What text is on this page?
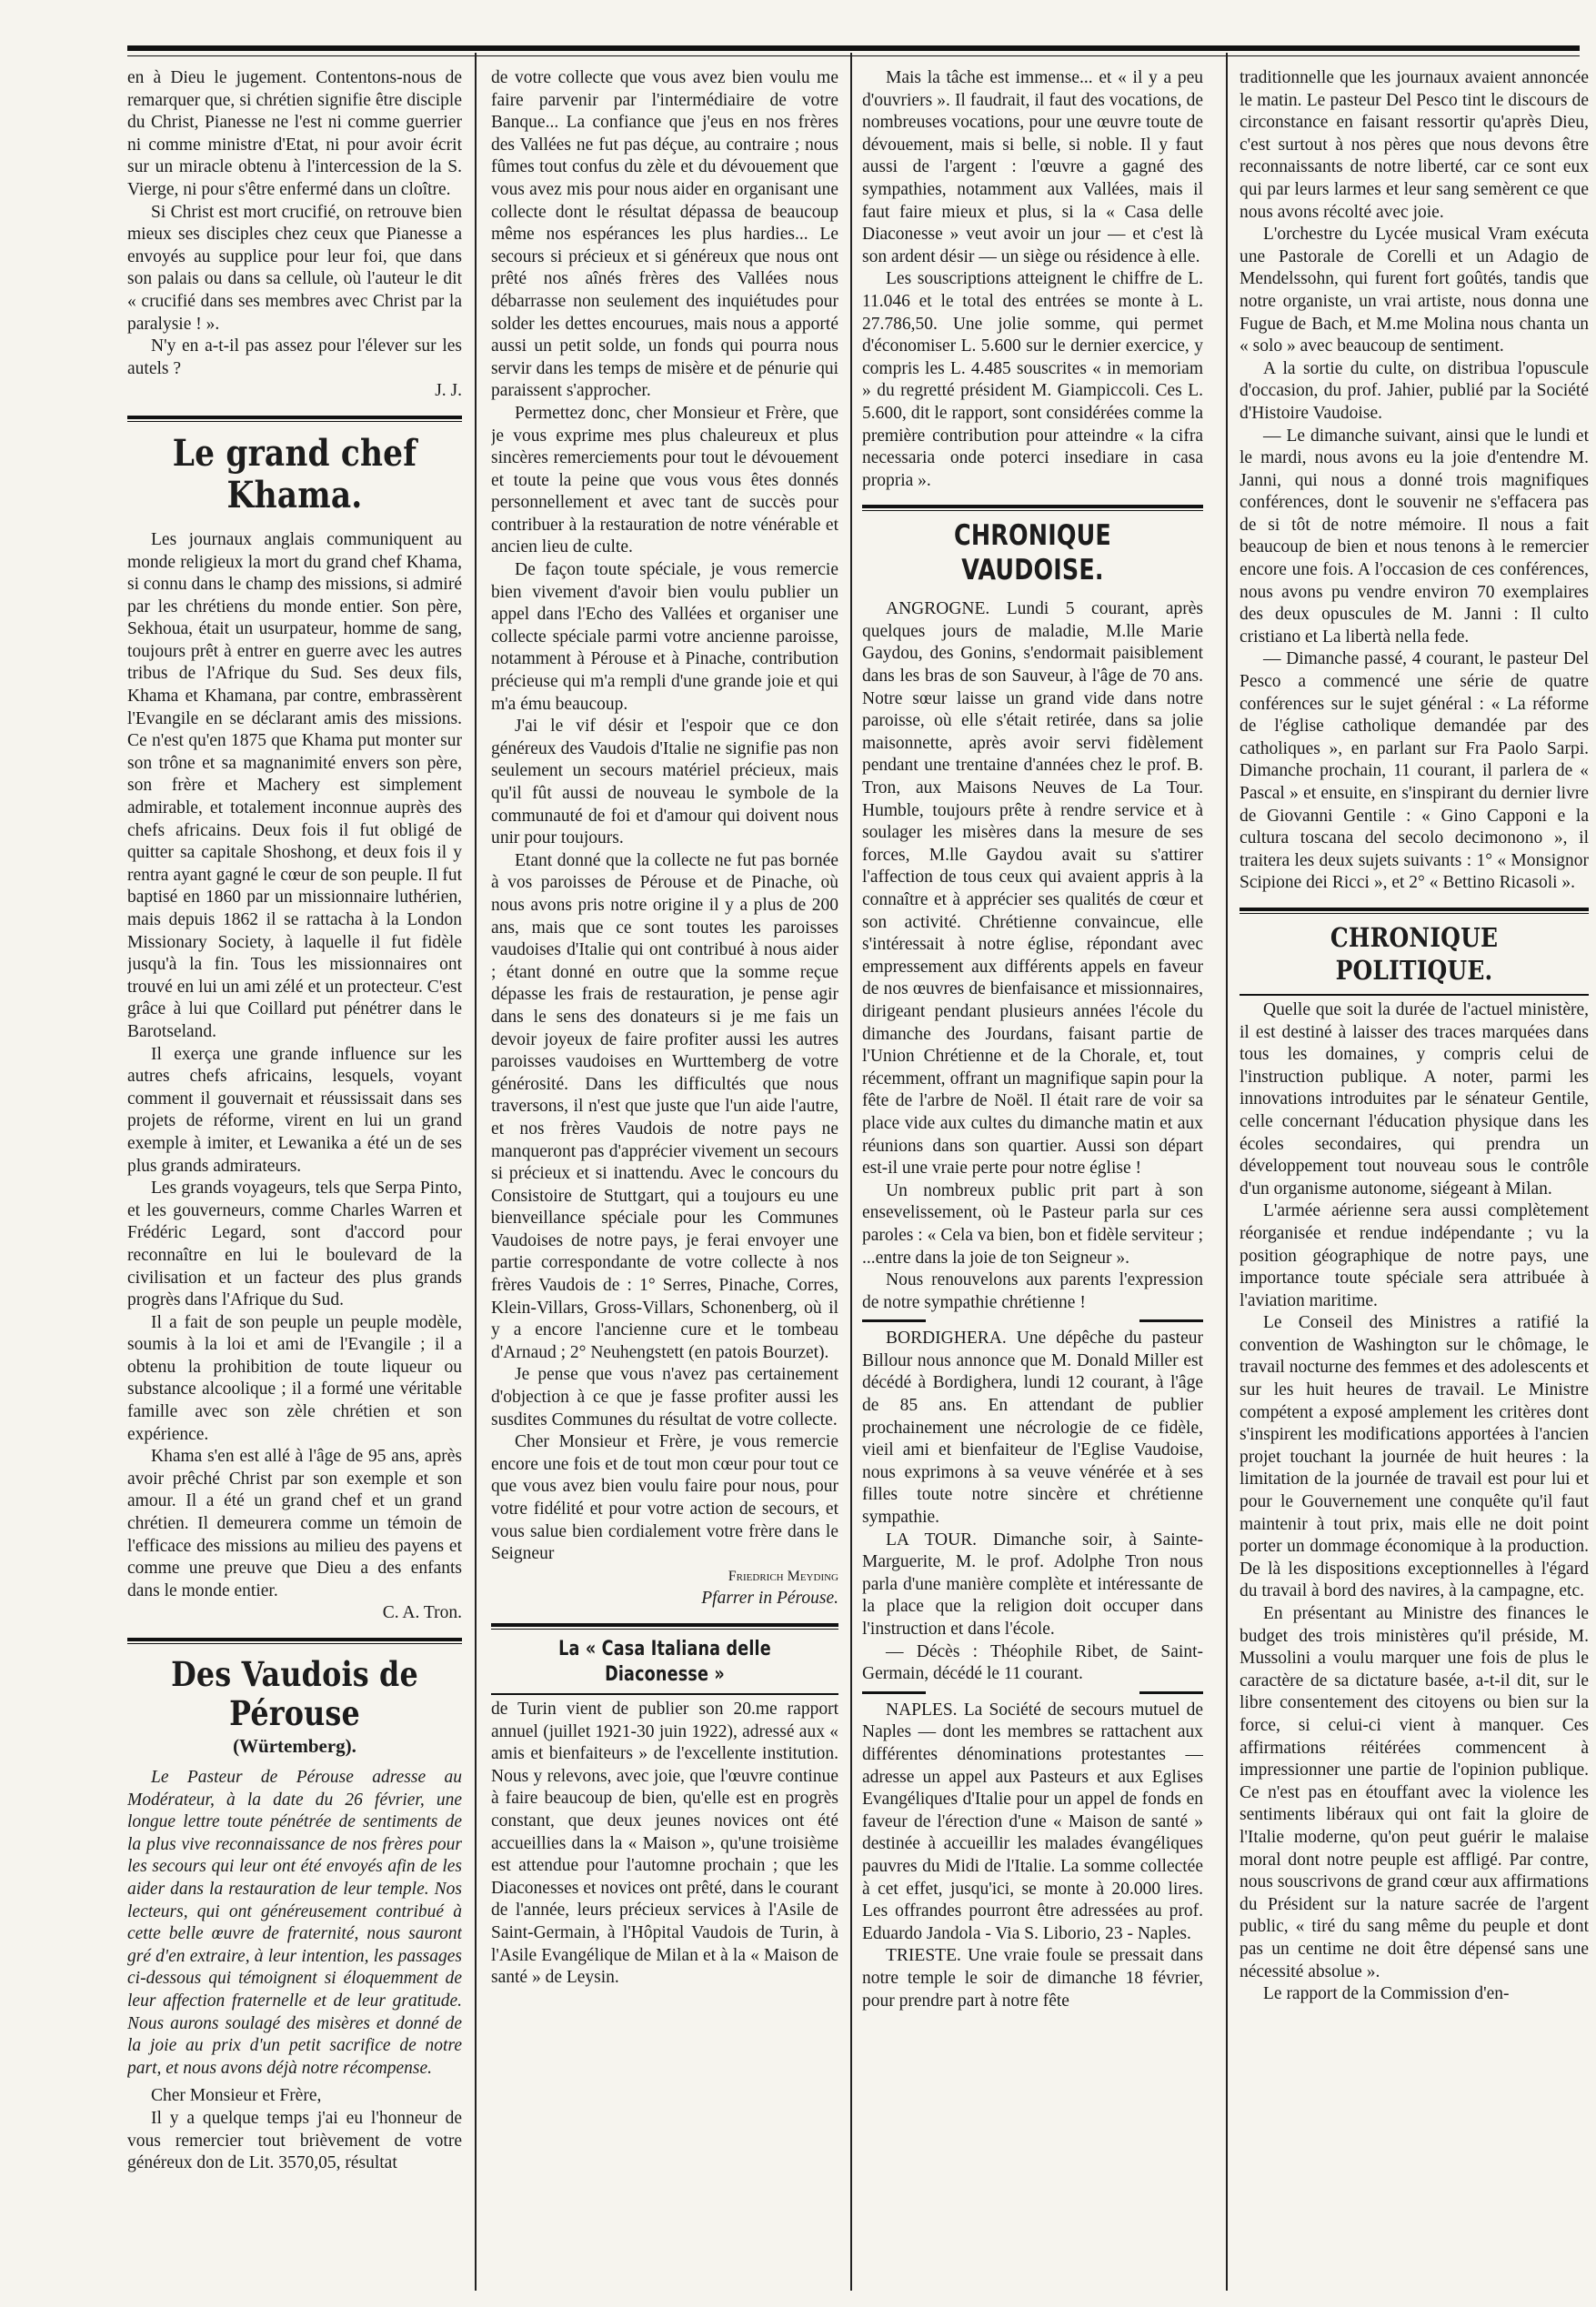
en à Dieu le jugement. Contentons-nous de remarquer que, si chrétien signifie être disciple du Christ, Pianesse ne l'est ni comme guerrier ni comme ministre d'Etat, ni pour avoir écrit sur un miracle obtenu à l'intercession de la S. Vierge, ni pour s'être enfermé dans un cloître.

Si Christ est mort crucifié, on retrouve bien mieux ses disciples chez ceux que Pianesse a envoyés au supplice pour leur foi, que dans son palais ou dans sa cellule, où l'auteur le dit « crucifié dans ses membres avec Christ par la paralysie ! ».

N'y en a-t-il pas assez pour l'élever sur les autels ?

J. J.

Le grand chef Khama.

Les journaux anglais communiquent au monde religieux la mort du grand chef Khama, si connu dans le champ des missions, si admiré par les chrétiens du monde entier. Son père, Sekhoua, était un usurpateur, homme de sang, toujours prêt à entrer en guerre avec les autres tribus de l'Afrique du Sud. Ses deux fils, Khama et Khamana, par contre, embrassèrent l'Evangile en se déclarant amis des missions. Ce n'est qu'en 1875 que Khama put monter sur son trône et sa magnanimité envers son père, son frère et Machery est simplement admirable, et totalement inconnue auprès des chefs africains. Deux fois il fut obligé de quitter sa capitale Shoshong, et deux fois il y rentra ayant gagné le cœur de son peuple. Il fut baptisé en 1860 par un missionnaire luthérien, mais depuis 1862 il se rattacha à la London Missionary Society, à laquelle il fut fidèle jusqu'à la fin. Tous les missionnaires ont trouvé en lui un ami zélé et un protecteur. C'est grâce à lui que Coillard put pénétrer dans le Barotseland.

Il exerça une grande influence sur les autres chefs africains, lesquels, voyant comment il gouvernait et réussissait dans ses projets de réforme, virent en lui un grand exemple à imiter, et Lewanika a été un de ses plus grands admirateurs.

Les grands voyageurs, tels que Serpa Pinto, et les gouverneurs, comme Charles Warren et Frédéric Legard, sont d'accord pour reconnaître en lui le boulevard de la civilisation et un facteur des plus grands progrès dans l'Afrique du Sud.

Il a fait de son peuple un peuple modèle, soumis à la loi et ami de l'Evangile ; il a obtenu la prohibition de toute liqueur ou substance alcoolique ; il a formé une véritable famille avec son zèle chrétien et son expérience.

Khama s'en est allé à l'âge de 95 ans, après avoir prêché Christ par son exemple et son amour. Il a été un grand chef et un grand chrétien. Il demeurera comme un témoin de l'efficace des missions au milieu des payens et comme une preuve que Dieu a des enfants dans le monde entier.

C. A. Tron.

Des Vaudois de Pérouse
(Würtemberg).

Le Pasteur de Pérouse adresse au Modérateur, à la date du 26 février, une longue lettre toute pénétrée de sentiments de la plus vive reconnaissance de nos frères pour les secours qui leur ont été envoyés afin de les aider dans la restauration de leur temple. Nos lecteurs, qui ont généreusement contribué à cette belle œuvre de fraternité, nous sauront gré d'en extraire, à leur intention, les passages ci-dessous qui témoignent si éloquemment de leur affection fraternelle et de leur gratitude. Nous aurons soulagé des misères et donné de la joie au prix d'un petit sacrifice de notre part, et nous avons déjà notre récompense.

Cher Monsieur et Frère,

Il y a quelque temps j'ai eu l'honneur de vous remercier tout brièvement de votre généreux don de Lit. 3570,05, résultat

de votre collecte que vous avez bien voulu me faire parvenir par l'intermédiaire de votre Banque... La confiance que j'eus en nos frères des Vallées ne fut pas déçue, au contraire ; nous fûmes tout confus du zèle et du dévouement que vous avez mis pour nous aider en organisant une collecte dont le résultat dépassa de beaucoup même nos espérances les plus hardies... Le secours si précieux et si généreux que nous ont prêté nos aînés frères des Vallées nous débarrasse non seulement des inquiétudes pour solder les dettes encourues, mais nous a apporté aussi un petit solde, un fonds qui pourra nous servir dans les temps de misère et de pénurie qui paraissent s'approcher.

Permettez donc, cher Monsieur et Frère, que je vous exprime mes plus chaleureux et plus sincères remerciements pour tout le dévouement et toute la peine que vous vous êtes donnés personnellement et avec tant de succès pour contribuer à la restauration de notre vénérable et ancien lieu de culte.

De façon toute spéciale, je vous remercie bien vivement d'avoir bien voulu publier un appel dans l'Echo des Vallées et organiser une collecte spéciale parmi votre ancienne paroisse, notamment à Pérouse et à Pinache, contribution précieuse qui m'a rempli d'une grande joie et qui m'a ému beaucoup.

J'ai le vif désir et l'espoir que ce don généreux des Vaudois d'Italie ne signifie pas non seulement un secours matériel précieux, mais qu'il fût aussi de nouveau le symbole de la communauté de foi et d'amour qui doivent nous unir pour toujours.

Etant donné que la collecte ne fut pas bornée à vos paroisses de Pérouse et de Pinache, où nous avons pris notre origine il y a plus de 200 ans, mais que ce sont toutes les paroisses vaudoises d'Italie qui ont contribué à nous aider ; étant donné en outre que la somme reçue dépasse les frais de restauration, je pense agir dans le sens des donateurs si je me fais un devoir joyeux de faire profiter aussi les autres paroisses vaudoises en Wurttemberg de votre générosité. Dans les difficultés que nous traversons, il n'est que juste que l'un aide l'autre, et nos frères Vaudois de notre pays ne manqueront pas d'apprécier vivement un secours si précieux et si inattendu. Avec le concours du Consistoire de Stuttgart, qui a toujours eu une bienveillance spéciale pour les Communes Vaudoises de notre pays, je ferai envoyer une partie correspondante de votre collecte à nos frères Vaudois de : 1° Serres, Pinache, Corres, Klein-Villars, Gross-Villars, Schonenberg, où il y a encore l'ancienne cure et le tombeau d'Arnaud ; 2° Neuhengstett (en patois Bourzet).

Je pense que vous n'avez pas certainement d'objection à ce que je fasse profiter aussi les susdites Communes du résultat de votre collecte.

Cher Monsieur et Frère, je vous remercie encore une fois et de tout mon cœur pour tout ce que vous avez bien voulu faire pour nous, pour votre fidélité et pour votre action de secours, et vous salue bien cordialement votre frère dans le Seigneur

Friedrich Meyding

Pfarrer in Pérouse.

La « Casa Italiana delle Diaconesse »

de Turin vient de publier son 20.me rapport annuel (juillet 1921-30 juin 1922), adressé aux « amis et bienfaiteurs » de l'excellente institution. Nous y relevons, avec joie, que l'œuvre continue à faire beaucoup de bien, qu'elle est en progrès constant, que deux jeunes novices ont été accueillies dans la « Maison », qu'une troisième est attendue pour l'automne prochain ; que les Diaconesses et novices ont prêté, dans le courant de l'année, leurs précieux services à l'Asile de Saint-Germain, à l'Hôpital Vaudois de Turin, à l'Asile Evangélique de Milan et à la « Maison de santé » de Leysin.

Mais la tâche est immense... et « il y a peu d'ouvriers ». Il faudrait, il faut des vocations, de nombreuses vocations, pour une œuvre toute de dévouement, mais si belle, si noble. Il y faut aussi de l'argent : l'œuvre a gagné des sympathies, notamment aux Vallées, mais il faut faire mieux et plus, si la « Casa delle Diaconesse » veut avoir un jour — et c'est là son ardent désir — un siège ou résidence à elle.

Les souscriptions atteignent le chiffre de L. 11.046 et le total des entrées se monte à L. 27.786,50. Une jolie somme, qui permet d'économiser L. 5.600 sur le dernier exercice, y compris les L. 4.485 souscrites « in memoriam » du regretté président M. Giampiccoli. Ces L. 5.600, dit le rapport, sont considérées comme la première contribution pour atteindre « la cifra necessaria onde poterci insediare in casa propria ».

CHRONIQUE VAUDOISE.

ANGROGNE. Lundi 5 courant, après quelques jours de maladie, M.lle Marie Gaydou, des Gonins, s'endormait paisiblement dans les bras de son Sauveur, à l'âge de 70 ans. Notre sœur laisse un grand vide dans notre paroisse, où elle s'était retirée, dans sa jolie maisonnette, après avoir servi fidèlement pendant une trentaine d'années chez le prof. B. Tron, aux Maisons Neuves de La Tour. Humble, toujours prête à rendre service et à soulager les misères dans la mesure de ses forces, M.lle Gaydou avait su s'attirer l'affection de tous ceux qui avaient appris à la connaître et à apprécier ses qualités de cœur et son activité. Chrétienne convaincue, elle s'intéressait à notre église, répondant avec empressement aux différents appels en faveur de nos œuvres de bienfaisance et missionnaires, dirigeant pendant plusieurs années l'école du dimanche des Jourdans, faisant partie de l'Union Chrétienne et de la Chorale, et, tout récemment, offrant un magnifique sapin pour la fête de l'arbre de Noël. Il était rare de voir sa place vide aux cultes du dimanche matin et aux réunions dans son quartier. Aussi son départ est-il une vraie perte pour notre église !

Un nombreux public prit part à son ensevelissement, où le Pasteur parla sur ces paroles : « Cela va bien, bon et fidèle serviteur ; ...entre dans la joie de ton Seigneur ».

Nous renouvelons aux parents l'expression de notre sympathie chrétienne !

BORDIGHERA. Une dépêche du pasteur Billour nous annonce que M. Donald Miller est décédé à Bordighera, lundi 12 courant, à l'âge de 85 ans. En attendant de publier prochainement une nécrologie de ce fidèle, vieil ami et bienfaiteur de l'Eglise Vaudoise, nous exprimons à sa veuve vénérée et à ses filles toute notre sincère et chrétienne sympathie.

LA TOUR. Dimanche soir, à Sainte-Marguerite, M. le prof. Adolphe Tron nous parla d'une manière complète et intéressante de la place que la religion doit occuper dans l'instruction et dans l'école.

— Décès : Théophile Ribet, de Saint-Germain, décédé le 11 courant.

NAPLES. La Société de secours mutuel de Naples — dont les membres se rattachent aux différentes dénominations protestantes — adresse un appel aux Pasteurs et aux Eglises Evangéliques d'Italie pour un appel de fonds en faveur de l'érection d'une « Maison de santé » destinée à accueillir les malades évangéliques pauvres du Midi de l'Italie. La somme collectée à cet effet, jusqu'ici, se monte à 20.000 lires. Les offrandes pourront être adressées au prof. Eduardo Jandola - Via S. Liborio, 23 - Naples.

TRIESTE. Une vraie foule se pressait dans notre temple le soir de dimanche 18 février, pour prendre part à notre fête

traditionnelle que les journaux avaient annoncée le matin. Le pasteur Del Pesco tint le discours de circonstance en faisant ressortir qu'après Dieu, c'est surtout à nos pères que nous devons être reconnaissants de notre liberté, car ce sont eux qui par leurs larmes et leur sang semèrent ce que nous avons récolté avec joie.

L'orchestre du Lycée musical Vram exécuta une Pastorale de Corelli et un Adagio de Mendelssohn, qui furent fort goûtés, tandis que notre organiste, un vrai artiste, nous donna une Fugue de Bach, et M.me Molina nous chanta un « solo » avec beaucoup de sentiment.

A la sortie du culte, on distribua l'opuscule d'occasion, du prof. Jahier, publié par la Société d'Histoire Vaudoise.

— Le dimanche suivant, ainsi que le lundi et le mardi, nous avons eu la joie d'entendre M. Janni, qui nous a donné trois magnifiques conférences, dont le souvenir ne s'effacera pas de si tôt de notre mémoire. Il nous a fait beaucoup de bien et nous tenons à le remercier encore une fois. A l'occasion de ces conférences, nous avons pu vendre environ 70 exemplaires des deux opuscules de M. Janni : Il culto cristiano et La libertà nella fede.

— Dimanche passé, 4 courant, le pasteur Del Pesco a commencé une série de quatre conférences sur le sujet général : « La réforme de l'église catholique demandée par des catholiques », en parlant sur Fra Paolo Sarpi. Dimanche prochain, 11 courant, il parlera de « Pascal » et ensuite, en s'inspirant du dernier livre de Giovanni Gentile : « Gino Capponi e la cultura toscana del secolo decimonono », il traitera les deux sujets suivants : 1° « Monsignor Scipione dei Ricci », et 2° « Bettino Ricasoli ».

CHRONIQUE POLITIQUE.

Quelle que soit la durée de l'actuel ministère, il est destiné à laisser des traces marquées dans tous les domaines, y compris celui de l'instruction publique. A noter, parmi les innovations introduites par le sénateur Gentile, celle concernant l'éducation physique dans les écoles secondaires, qui prendra un développement tout nouveau sous le contrôle d'un organisme autonome, siégeant à Milan.

L'armée aérienne sera aussi complètement réorganisée et rendue indépendante ; vu la position géographique de notre pays, une importance toute spéciale sera attribuée à l'aviation maritime.

Le Conseil des Ministres a ratifié la convention de Washington sur le chômage, le travail nocturne des femmes et des adolescents et sur les huit heures de travail. Le Ministre compétent a exposé amplement les critères dont s'inspirent les modifications apportées à l'ancien projet touchant la journée de huit heures : la limitation de la journée de travail est pour lui et pour le Gouvernement une conquête qu'il faut maintenir à tout prix, mais elle ne doit point porter un dommage économique à la production. De là les dispositions exceptionnelles à l'égard du travail à bord des navires, à la campagne, etc.

En présentant au Ministre des finances le budget des trois ministères qu'il préside, M. Mussolini a voulu marquer une fois de plus le caractère de sa dictature basée, a-t-il dit, sur le libre consentement des citoyens ou bien sur la force, si celui-ci vient à manquer. Ces affirmations réitérées commencent à impressionner une partie de l'opinion publique. Ce n'est pas en étouffant avec la violence les sentiments libéraux qui ont fait la gloire de l'Italie moderne, qu'on peut guérir le malaise moral dont notre peuple est affligé. Par contre, nous souscrivons de grand cœur aux affirmations du Président sur la nature sacrée de l'argent public, « tiré du sang même du peuple et dont pas un centime ne doit être dépensé sans une nécessité absolue ».

Le rapport de la Commission d'en-
